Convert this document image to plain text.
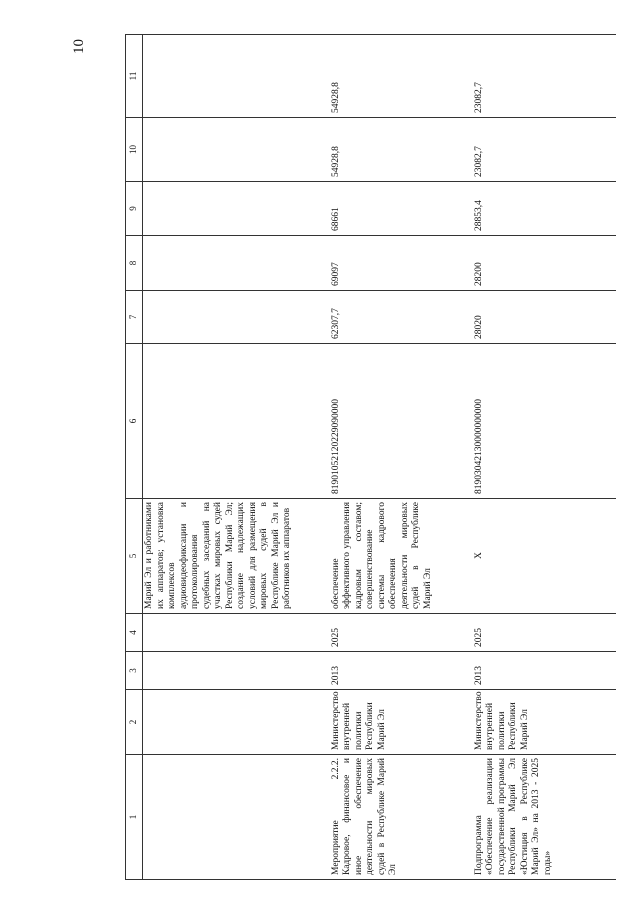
10
1	2	3	4	5	6	7	8	9	10	11
				Марий Эл и работниками их аппаратов; установка комплексов аудиовидеофиксации и протоколирования судебных заседаний на участках мировых судей Республики Марий Эл; создание надлежащих условий для размещения мировых судей в Республике Марий Эл и работников их аппаратов						
Мероприятие 2.2.2. Кадровое, финансовое и иное обеспечение деятельности мировых судей в Республике Марий Эл	Министерство внутренней политики Республики Марий Эл	2013	2025	обеспечение эффективного управления кадровым составом; совершенствование системы кадрового обеспечения деятельности мировых судей в Республике Марий Эл	81901052120229090000	62307,7	69097	68661	54928,8	54928,8
Подпрограмма «Обеспечение реализации государственной программы Республики Марий Эл «Юстиция в Республике Марий Эл» на 2013 - 2025 годы»	Министерство внутренней политики Республики Марий Эл	2013	2025	Х	81903042130000000000	28020	28200	28853,4	23082,7	23082,7
